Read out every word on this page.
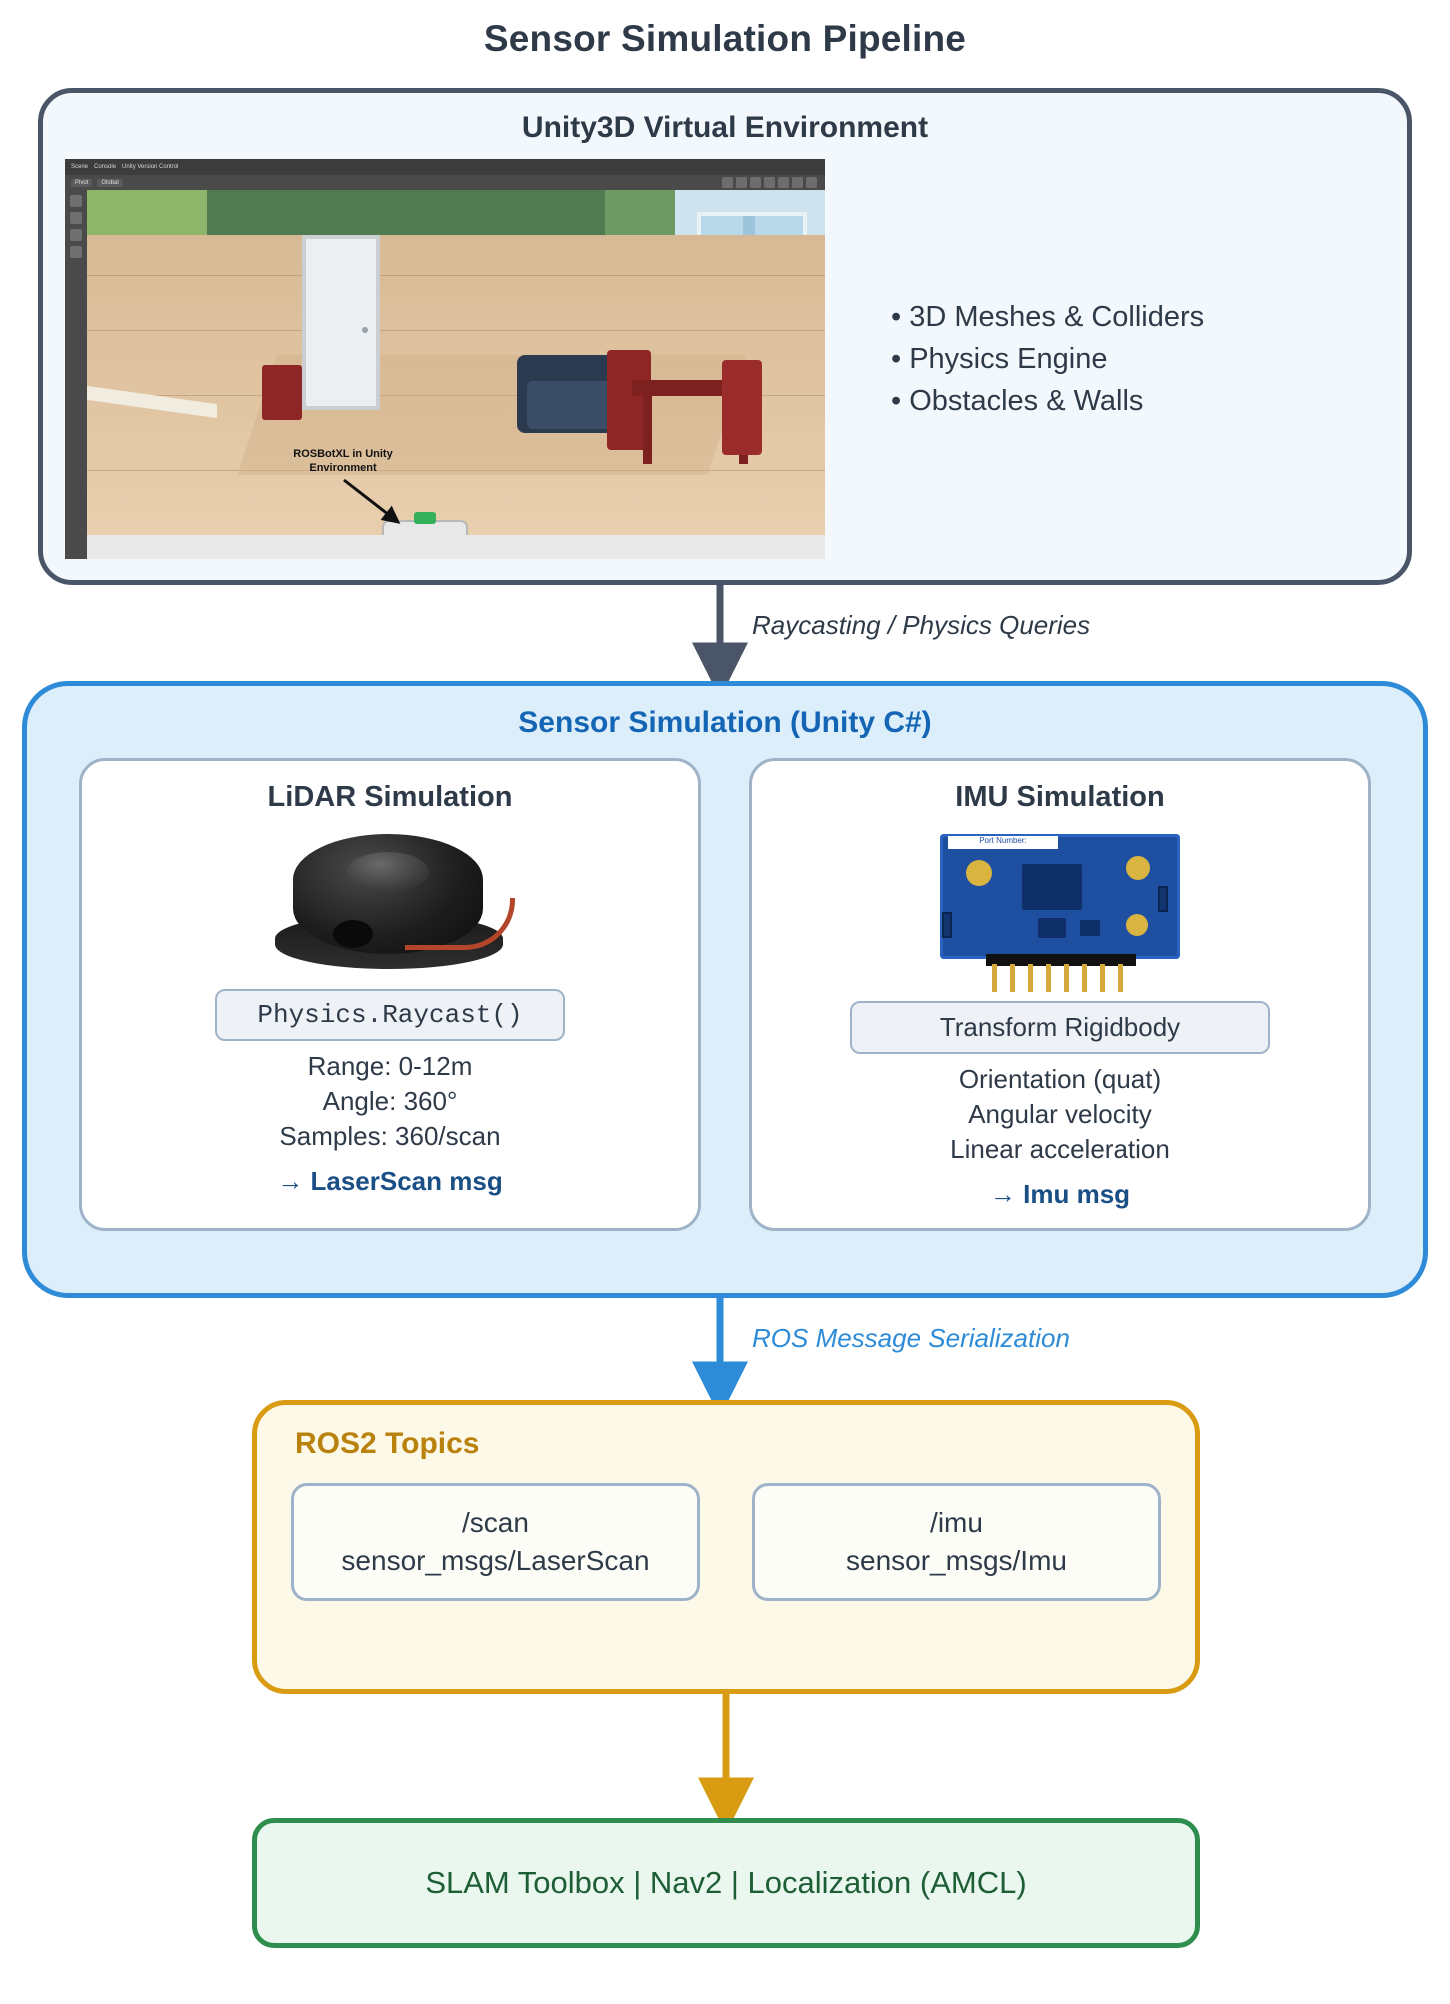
Sensor Simulation Pipeline
Unity3D Virtual Environment
Scene Console Unity Version Control
Pivot	Global
ROSBotXL in Unity Environment
• 3D Meshes & Colliders
• Physics Engine
• Obstacles & Walls
Raycasting / Physics Queries
Sensor Simulation (Unity C#)
LiDAR Simulation
Physics.Raycast()
Range: 0-12m
Angle: 360°
Samples: 360/scan
→ LaserScan msg
IMU Simulation
Port Number:
Transform Rigidbody
Orientation (quat)
Angular velocity
Linear acceleration
→ Imu msg
ROS Message Serialization
ROS2 Topics
/scan
sensor_msgs/LaserScan
/imu
sensor_msgs/Imu
SLAM Toolbox | Nav2 | Localization (AMCL)
